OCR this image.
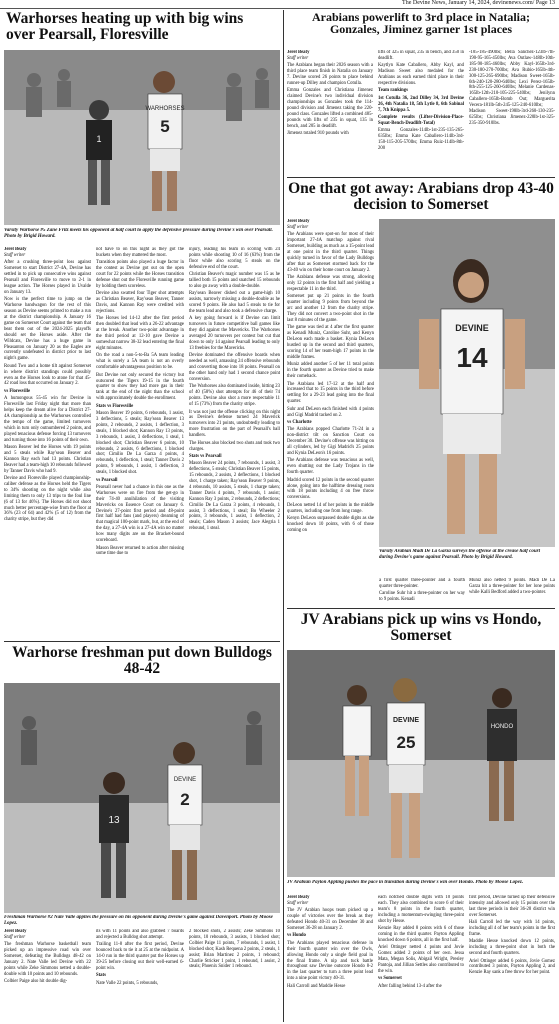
The Devine News, January 14, 2024, devinenews.com/ Page 13
Warhorses heating up with big wins over Pearsall, Floresville
1
WARHORSES
5
Varsity Warhorse #5 Zane Fritz meets his opponent at half court to apply the defensive pressure during Devine's win over Pearsall. Photo by Brigid Howard.

Jerel Beaty
Staff writer

After a crushing three-point loss against Somerset to start District 27-4A, Devine has settled in to pick up consecutive wins against Pearsall and Floresville to move to 2-1 in league action. The Horses played in Uvalde on January 13.

Now is the perfect time to jump on the Warhorse bandwagon for the rest of this season as Devine seems primed to make a run at the district championship. A January 16 game on Somerset Court against the team that beat them out of the 2024-2025 playoffs should set the Horses aside. After the Wildcats, Devine has a huge game in Pleasanton on January 20 as the Eagles are currently undefeated in district prior to last night's game.

Round Two and a home tilt against Somerset in where district standings could possibly even as the Horses look to atone for that 45-42 road loss that occurred on January 2.

vs Floresville

A humongous 55-45 win for Devine in Floresville last Friday night that more than helps keep the dream alive for a District 27-4A championship as the Warhorses controlled the tempo of the game, limited turnovers which in turn only outnumbered 2 points, and played tenacious defense forcing 13 turnovers and turning those into 16 points of their own.

Mason Beaver led the Horses with 19 points and 5 steals while Ray'sean Beaver and Kannon Ray each had 13 points. Christian Beaver had a team-high 10 rebounds followed by Tanner Davis who had 9.

Devine and Floresville played championship-caliber defense as the Horses held the Tigers to 34% shooting on the night while also limiting them to only 13 trips to the foul line (6 of 13 for 46%). The Horses did not shoot much better percentage-wise from the floor at 36% (23 of 64) and 42% (5 of 12) from the charity stripe, but they did

not have to on this night as they got the buckets when they mattered the most.

Transition points also played a huge factor in the contest as Devine got out on the open court for 22 points while the Horses transition defense shut out the Floresville running game by holding them scoreless.

Devine also swatted four Tiger shot attempts as Christian Beaver, Ray'sean Beaver, Tanner Davis, and Kannon Ray were credited with rejections.

The Horses led 14-12 after the first period then doubled that lead with a 26-22 advantage at the break. Another two-point advantage in the third period at 12-10 gave Devine a somewhat narrow 38-32 lead entering the final eight minutes.

On the road a non-5-to-Ba 5A team leading what is surely a 5A team is not an overly comfortable advantageous position to be.

But Devine not only secured the victory but outscored the Tigers 19-15 in the fourth quarter to show they had more gas in their tank at the end of the night than the school with approximately double the enrollment.

Stats vs Floresville

Mason Beaver 19 points, 6 rebounds, 1 assist, 3 deflections, 5 steals; Ray'sean Beaver 13 points, 2 rebounds, 2 assists, 1 deflection, 3 steals, 1 blocked shot; Kannon Ray 13 points, 3 rebounds, 1 assist, 3 deflections, 1 steal, 1 blocked shot; Christian Beaver 6 points, 10 rebounds, 2 assists, 6 deflections, 1 blocked shot; Cimilio De La Garza 4 points, 4 rebounds, 1 deflection, 1 steal; Tanner Davis 2 points, 9 rebounds, 1 assist, 1 deflection, 3 steals, 1 blocked shot.

vs Pearsall

Pearsall never had a chance in this one as the Warhorses were on fire from the get-go in their 74-40 annihilation of the visiting Mavericks on Essence Court on January 6. Devine's 27-point first period and 48-point first half had fans (and players) dreaming of that magical 100-point mark, but, at the end of the day, a 27-4A win is a 27-4A win no matter how many digits are on the Bracket-bound scoreboard.

Mason Beaver returned to action after missing some time due to

injury, leading his team in scoring with 24 points while shooting 10 of 16 (63%) from the floor while also scoring 5 steals on the defensive end of the court.

Christian Beaver's magic number was 15 as he tallied both 15 points and snatched 15 rebounds to also go away with a double-double.

Ray'sean Beaver dished out a game-high 10 assists, narrowly missing a double-double as he scored 9 points. He also had 5 steals to tie for the team lead and also took a defensive charge.

A key going forward is if Devine can limit turnovers in future competitive ball games like they did against the Mavericks. The Warhorses averaged 20 turnovers per contest but cut that down to only 14 against Pearsall leading to only 13 freebies for the Mavericks.

Devine dominated the offensive boards when needed as well, amassing 24 offensive rebounds and converting those into 18 points. Pearsall on the other hand only had 1 second chance point conversion.

The Warhorses also dominated inside, hitting 23 of 40 (58%) shot attempts for 46 of their 74 points. Devine also shot a more respectable 11 of 15 (73%) from the charity stripe.

It was not just the offense clicking on this night as Devine's defense turned 24 Maverick turnovers into 21 points, undoubtedly leading to more frustration on the part of Pearsall's ball handlers.

The Horses also blocked two shots and took two charges.

Stats vs Pearsall

Mason Beaver 24 points, 7 rebounds, 1 assist, 3 deflections, 5 steals; Christian Beaver 15 points, 15 rebounds, 2 assists, 2 deflections, 1 blocked shot, 1 charge taken; Ray'sean Beaver 9 points, 4 rebounds, 10 assists, 5 steals, 1 charge taken; Tanner Davis 4 points, 7 rebounds, 1 assist; Kannon Ray 3 points, 2 rebounds, 2 deflections; Cimilio De La Garza 3 points, 4 rebounds, 1 assist, 3 deflections, 1 steal; Bo Wheeler 2 points, 3 rebounds, 1 assist, 1 deflection, 2 steals; Caden Mason 3 assists; Jace Alegria 1 rebound, 1 steal.

Warhorse freshman put down Bulldogs 48-42
13
DEVINE
2
Freshman Warhorse #2 Nate Valle applies the pressure on his opponent during Devine's game against Davenport. Photo by Moose Lopez.

Jerel Beaty
Staff writer

The freshman Warhorse basketball team picked up an impressive road win over Somerset, defeating the Bulldogs 48-42 on January 2. Nate Valle led Devine with 22 points while Zeke Simmons netted a double-double with 10 points and 10 rebounds.

Colbier Paige also hit double dig-

its with 11 points and also grabbed 7 boards and rejected a Bulldog shot attempt.

Trailing 11-8 after the first period, Devine bounced back to tie it at 25 at the midpoint. A 14-0 run in the third quarter put the Horses up 39-25 before closing out their well-earned 6-point win.

Stats

Nate Valle 22 points, 5 rebounds,

2 blocked shots, 2 assists; Zeke Simmons 10 points, 10 rebounds, 3 assists, 1 blocked shot; Colbier Paige 11 points, 7 rebounds, 1 assist, 1 blocked shot; Kash Requena 2 points, 2 steals, 1 assist; Brian Martinez 2 points, 1 rebound; Charlie Stricker 1 point, 1 rebound, 1 assist, 2 steals; Phoenix Snider 1 rebound.

Arabians powerlift to 3rd place in Natalia; Gonzales, Jiminez garner 1st places

Jerel Beaty
Staff writer

The Arabians began their 2026 season with a third place team finish in Natalia on January 7. Devine scored 26 points to place behind runner-up Dilley and champion Cotulla.

Emma Gonzales and Christiana Jimenez claimed Devine's two individual division championships as Gonzales took the 114-pound division and Jimenez taking the 220-pound class. Gonzales lifted a combined 485-pounds with lifts of 235 in squat, 135 in bench, and 205 in deadlift.

Jimenez totaled 910 pounds with

lifts of 325 in squat, 235 in bench, and 350 in deadlift.

Kaytlyn Kate Caballero, Abby Kayl, and Madison Sweet also medaled for the Arabians as each earned third place in their respective divisions.

Team rankings

1st Cotulla 36, 2nd Dilley 34, 3rd Devine 26, 4th Natalia 18, 5th Lytle 8, 6th Sabinal 7, 7th Knippa 5.

Complete results (Lifter-Division-Place-Squat-Bench-Deadlift-Total)

Emma Gonzales-114lb-1st-235-135-265-635lbs; Emma Kate Caballero-114lb-3rd-150-115-205-570lbs; Emma Ruiz-114lb-8th-200

-105-185-490lbs; Bella Sanchez-123lb-7th-190-95-165-450lbs; Ava Outlaw-148lb-10th-185-90-185-460lbs; Abby Kayl-165lb-3rd-230-180-270-700lbs; Ava Rubio-165lb-4th-300-125-265-690lbs; Madison Sweet-165lb-6th-240-120-280-640lbs; Lexi Perez-165lb-8th-255-125-260-640lbs; Melanie Cardenas-165lb-12th-210-105-225-540lbs; Jenilynn Caballero-165lb-Bomb Out; Marguerita Vecera-181lb-5th-245-125-240-610lbs; Madison Sweet-198lb-3rd-260-130-235-625lbs; Christiana Jimenez-220lb-1st-325-235-350-910lbs.

One that got away: Arabians drop 43-40 decision to Somerset

Jerel Beaty
Staff writer

The Arabians were spot-on for most of their important 27-4A matchup against rival Somerset, building as much as a 15-point lead at one point in the third quarter. Things quickly turned in favor of the Lady Bulldogs after that as Somerset stormed back for the 43-40 win on their home court on January 2.

The Arabians defense was strong, allowing only 12 points in the first half and yielding a respectable 11 in the third.

Somerset put up 21 points in the fourth quarter including 9 points from beyond the arc and another 12 from the charity stripe. They did not convert a two-point shot in the last 8 minutes of the game.

The game was tied at 4 after the first quarter as Kenadi Muniz, Caroline Suhr, and Kenyn DeLeon each made a basket. Kynia DeLeon hustled up in the second and third quarters, scoring 14 of her team-high 17 points in the middle frames.

Muniz added another 5 of her 11 total points in the fourth quarter as Devine tried to make their comeback.

The Arabians led 17-12 at the half and increased that to 15 points in the third before settling for a 29-23 lead going into the final quarter.

Suhr and DeLeon each finished with 4 points and Gigi Madrid tacked on 2.

vs Charlotte

The Arabians popped Charlotte 71-24 in a non-district tilt on Sanction Court on December 30. Devine's offense was hitting on all cylinders, led by Gigi Madrid's 25 points and Kynia DeLeon's 16 points.

The Arabians defense was tenacious as well, even shutting out the Lady Trojans in the fourth quarter.

Madrid scored 12 points in the second quarter alone, going into the halftime dressing room with 18 points including 4 on free throw conversions.

DeLeon netted 14 of her points in the middle quarters, including one from long range.

Kenyn DeLeon surpassed double digits as she knocked down 10 points, with 6 of those coming on

DEVINE
14
Varsity Arabian Madi De La Garza surveys the offense at the crease half court during Devine's game against Pearsall. Photo by Brigid Howard.

a first quarter three-pointer and a fourth quarter three-pointer.

Caroline Suhr hit a three-pointer on her way to 9 points. Kenadi

Muniz also netted 9 points. Madi De La Garza hit a three-pointer for her lone points while Kalli Bedford added a two-pointer.

JV Arabians pick up wins vs Hondo, Somerset
DEVINE
25
HONDO
JV Arabian Payton Appling pushes the pace in transition during Devine's win over Hondo. Photo by Moose Lopez.

Jerel Beaty
Staff writer

The JV Arabian hoops team picked up a couple of victories over the break as they defeated Hondo 40-31 on December 30 and Somerset 36-28 on January 2.

vs Hondo

The Arabians played tenacious defense in their fourth quarter win over the Owls, allowing Hondo only a single field goal in the final frame. A nip and tuck battle throughout saw Devine outscore Hondo 8-2 in the last quarter to turn a three point lead into a nine point victory 40-31.

Hali Carroll and Maddie Hesse

each notched double digits with 10 points each. They also combined to score 6 of their team's 8 points in the fourth quarter, including a momentum-swinging three-point shot by Hesse.

Kenzie Ray added 8 points with 6 of those coming in the third quarter. Payton Appling knocked down 6 points, all in the first half.

Ariel Ottinger netted 4 points and Jovie Gomez added 2 points of her own. Jessa Mata, Megan Solis, Abigail Wright, Presley Pantoja, and Jillian Settles also contributed to the win.

vs Somerset

After falling behind 13-4 after the

first period, Devine turned up their defensive intensity and allowed only 15 points over the last three periods in their 36-28 district win over Somerset.

Hali Carroll led the way with 14 points, including all 4 of her team's points in the first frame.

Maddie Hesse knocked down 12 points, including a three-point shot in both the second and fourth quarters.

Ariel Ottinger added 6 points, Jovie Gomez contributed 3 points, Payton Appling 2, and Kenzie Ray sank a free throw for her point.
